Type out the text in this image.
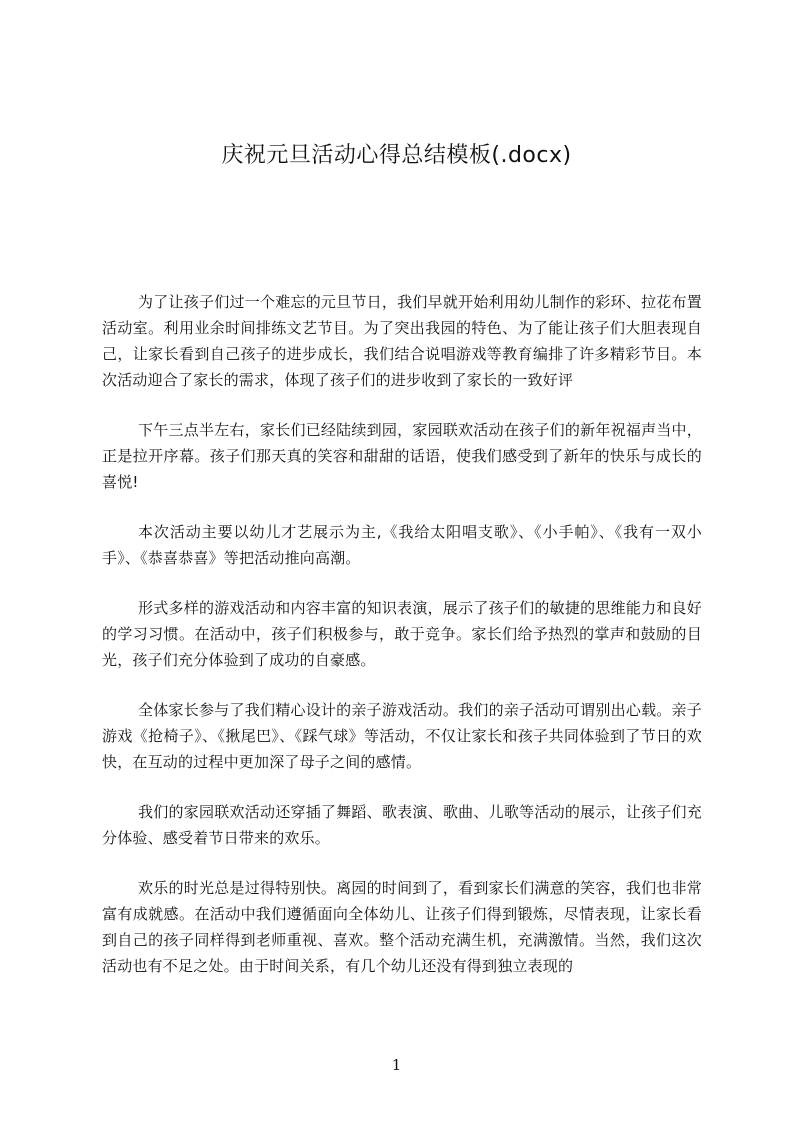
庆祝元旦活动心得总结模板(.docx)

为了让孩子们过一个难忘的元旦节日，我们早就开始利用幼儿制作的彩环、拉花布置活动室。利用业余时间排练文艺节目。为了突出我园的特色、为了能让孩子们大胆表现自己，让家长看到自己孩子的进步成长，我们结合说唱游戏等教育编排了许多精彩节目。本次活动迎合了家长的需求，体现了孩子们的进步收到了家长的一致好评

下午三点半左右，家长们已经陆续到园，家园联欢活动在孩子们的新年祝福声当中，正是拉开序幕。孩子们那天真的笑容和甜甜的话语，使我们感受到了新年的快乐与成长的喜悦!

本次活动主要以幼儿才艺展示为主,《我给太阳唱支歌》、《小手帕》、《我有一双小手》、《恭喜恭喜》等把活动推向高潮。

形式多样的游戏活动和内容丰富的知识表演，展示了孩子们的敏捷的思维能力和良好的学习习惯。在活动中，孩子们积极参与，敢于竞争。家长们给予热烈的掌声和鼓励的目光，孩子们充分体验到了成功的自豪感。

全体家长参与了我们精心设计的亲子游戏活动。我们的亲子活动可谓别出心载。亲子游戏《抢椅子》、《揪尾巴》、《踩气球》等活动，不仅让家长和孩子共同体验到了节日的欢快，在互动的过程中更加深了母子之间的感情。

我们的家园联欢活动还穿插了舞蹈、歌表演、歌曲、儿歌等活动的展示，让孩子们充分体验、感受着节日带来的欢乐。

欢乐的时光总是过得特别快。离园的时间到了，看到家长们满意的笑容，我们也非常富有成就感。在活动中我们遵循面向全体幼儿、让孩子们得到锻炼，尽情表现，让家长看到自己的孩子同样得到老师重视、喜欢。整个活动充满生机，充满激情。当然，我们这次活动也有不足之处。由于时间关系，有几个幼儿还没有得到独立表现的

1
